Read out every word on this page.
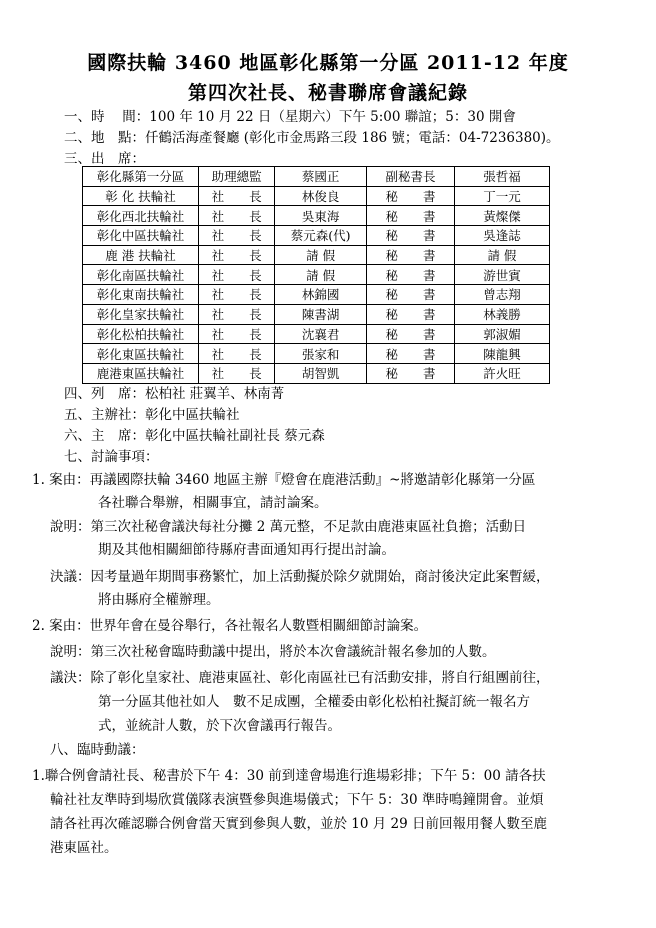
國際扶輪 3460 地區彰化縣第一分區 2011-12 年度
第四次社長、秘書聯席會議紀錄
一、時　 間：100 年 10 月 22 日（星期六）下午 5:00 聯誼；5：30 開會
二、地　點：仟鶴活海產餐廳 (彰化市金馬路三段 186 號；電話：04-7236380)。
三、出　席：
彰化縣第一分區	助理總監	蔡國正	副秘書長	張哲福
彰 化 扶輪社	社　　長	林俊良	秘　　書	丁一元
彰化西北扶輪社	社　　長	吳東海	秘　　書	黃燦傑
彰化中區扶輪社	社　　長	蔡元森(代)	秘　　書	吳逢誌
鹿 港 扶輪社	社　　長	請 假	秘　　書	請 假
彰化南區扶輪社	社　　長	請 假	秘　　書	游世賓
彰化東南扶輪社	社　　長	林錦國	秘　　書	曾志翔
彰化皇家扶輪社	社　　長	陳書湖	秘　　書	林義勝
彰化松柏扶輪社	社　　長	沈襄君	秘　　書	郭淑媚
彰化東區扶輪社	社　　長	張家和	秘　　書	陳龍興
鹿港東區扶輪社	社　　長	胡智凱	秘　　書	許火旺
四、列　席：松柏社 莊翼羊、林南菁
五、主辦社：彰化中區扶輪社
六、主　席：彰化中區扶輪社副社長 蔡元森
七、討論事項：
1. 案由：再議國際扶輪 3460 地區主辦『燈會在鹿港活動』~將邀請彰化縣第一分區
各社聯合舉辦，相關事宜，請討論案。
說明：第三次社秘會議決每社分攤 2 萬元整，不足款由鹿港東區社負擔；活動日
期及其他相關細節待縣府書面通知再行提出討論。
決議：因考量過年期間事務繁忙，加上活動擬於除夕就開始，商討後決定此案暫緩，
將由縣府全權辦理。
2. 案由：世界年會在曼谷舉行，各社報名人數暨相關細節討論案。
說明：第三次社秘會臨時動議中提出，將於本次會議統計報名參加的人數。
議決：除了彰化皇家社、鹿港東區社、彰化南區社已有活動安排，將自行組團前往，
第一分區其他社如人　數不足成團，全權委由彰化松柏社擬訂統一報名方
式，並統計人數，於下次會議再行報告。
八、臨時動議：
1.聯合例會請社長、秘書於下午 4：30 前到達會場進行進場彩排；下午 5：00 請各扶
輪社社友準時到場欣賞儀隊表演暨參與進場儀式；下午 5：30 準時鳴鐘開會。並煩
請各社再次確認聯合例會當天實到參與人數，並於 10 月 29 日前回報用餐人數至鹿
港東區社。
